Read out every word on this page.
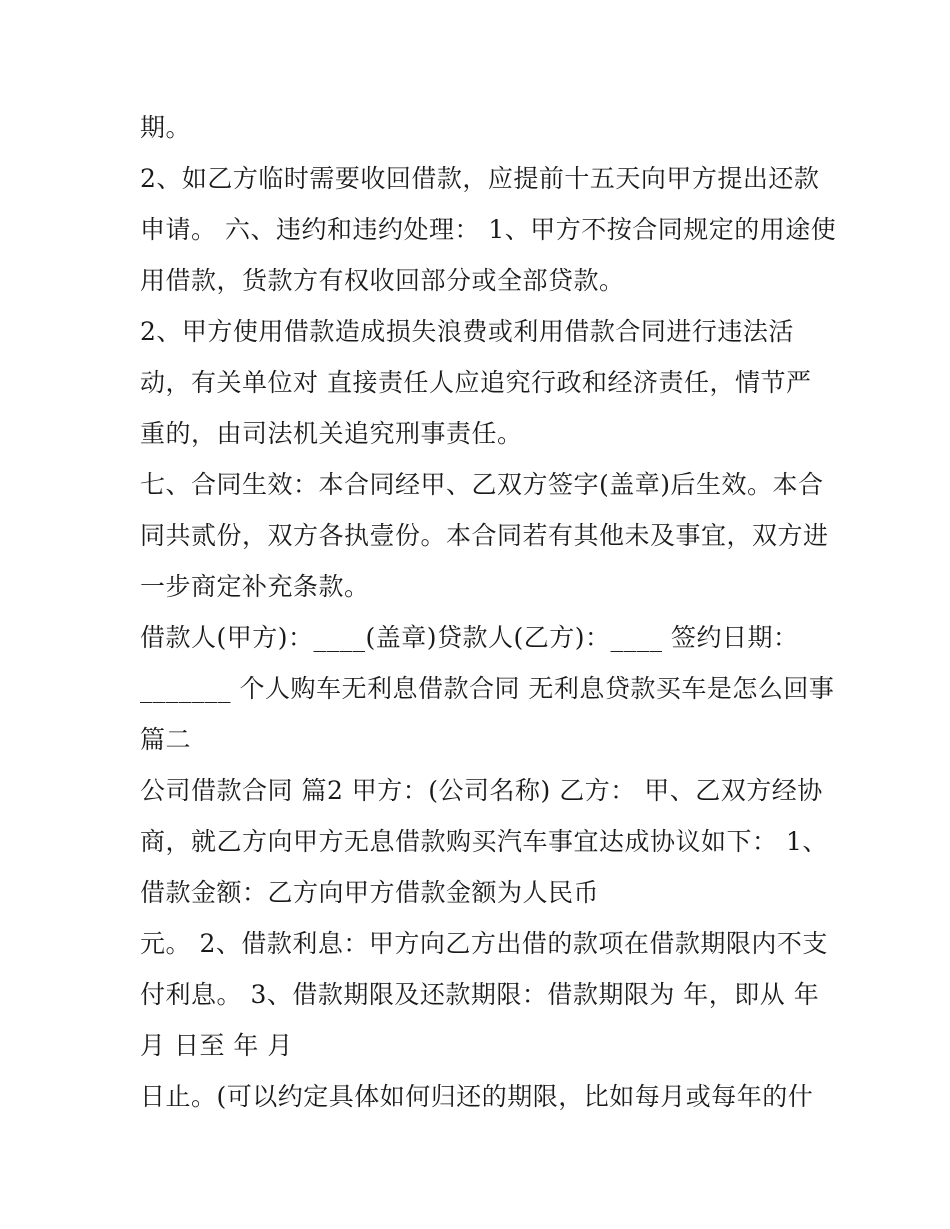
期。
2、如乙方临时需要收回借款，应提前十五天向甲方提出还款
申请。 六、违约和违约处理： 1、甲方不按合同规定的用途使
用借款，货款方有权收回部分或全部贷款。
2、甲方使用借款造成损失浪费或利用借款合同进行违法活
动，有关单位对 直接责任人应追究行政和经济责任，情节严
重的，由司法机关追究刑事责任。
七、合同生效：本合同经甲、乙双方签字(盖章)后生效。本合
同共贰份，双方各执壹份。本合同若有其他未及事宜，双方进
一步商定补充条款。
借款人(甲方)：____(盖章)贷款人(乙方)：____ 签约日期：
_______ 个人购车无利息借款合同 无利息贷款买车是怎么回事
篇二
公司借款合同 篇2 甲方：(公司名称) 乙方： 甲、乙双方经协
商，就乙方向甲方无息借款购买汽车事宜达成协议如下： 1、
借款金额：乙方向甲方借款金额为人民币
元。 2、借款利息：甲方向乙方出借的款项在借款期限内不支
付利息。 3、借款期限及还款期限：借款期限为 年，即从 年
月 日至 年 月
日止。(可以约定具体如何归还的期限，比如每月或每年的什
